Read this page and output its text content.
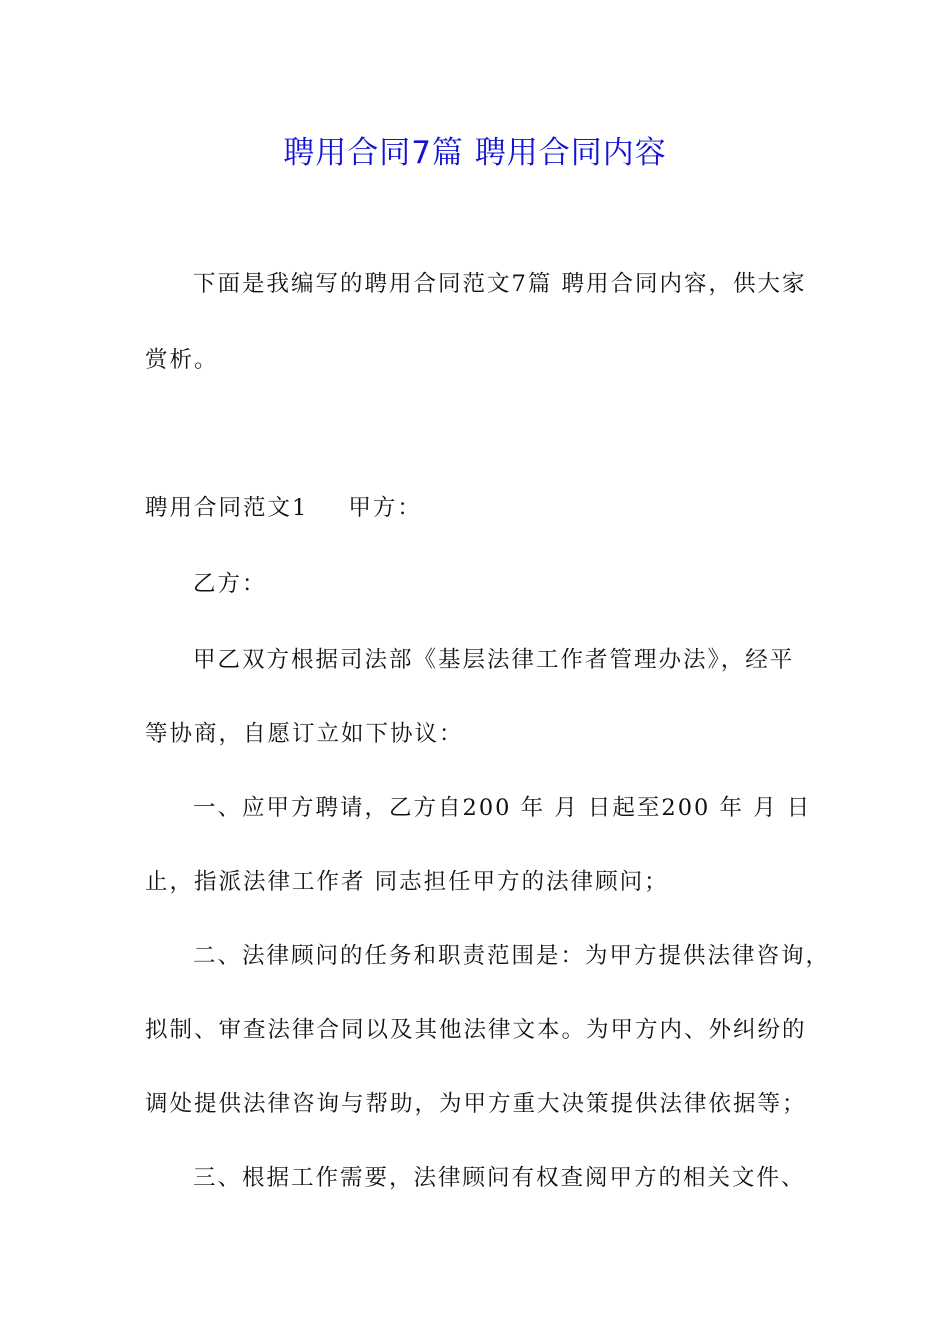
聘用合同7篇 聘用合同内容
下面是我编写的聘用合同范文7篇 聘用合同内容，供大家
赏析。
聘用合同范文1 甲方：
乙方：
甲乙双方根据司法部《基层法律工作者管理办法》，经平
等协商，自愿订立如下协议：
一、应甲方聘请，乙方自200 年 月 日起至200 年 月 日
止，指派法律工作者 同志担任甲方的法律顾问；
二、法律顾问的任务和职责范围是：为甲方提供法律咨询，
拟制、审查法律合同以及其他法律文本。为甲方内、外纠纷的
调处提供法律咨询与帮助，为甲方重大决策提供法律依据等；
三、根据工作需要，法律顾问有权查阅甲方的相关文件、
